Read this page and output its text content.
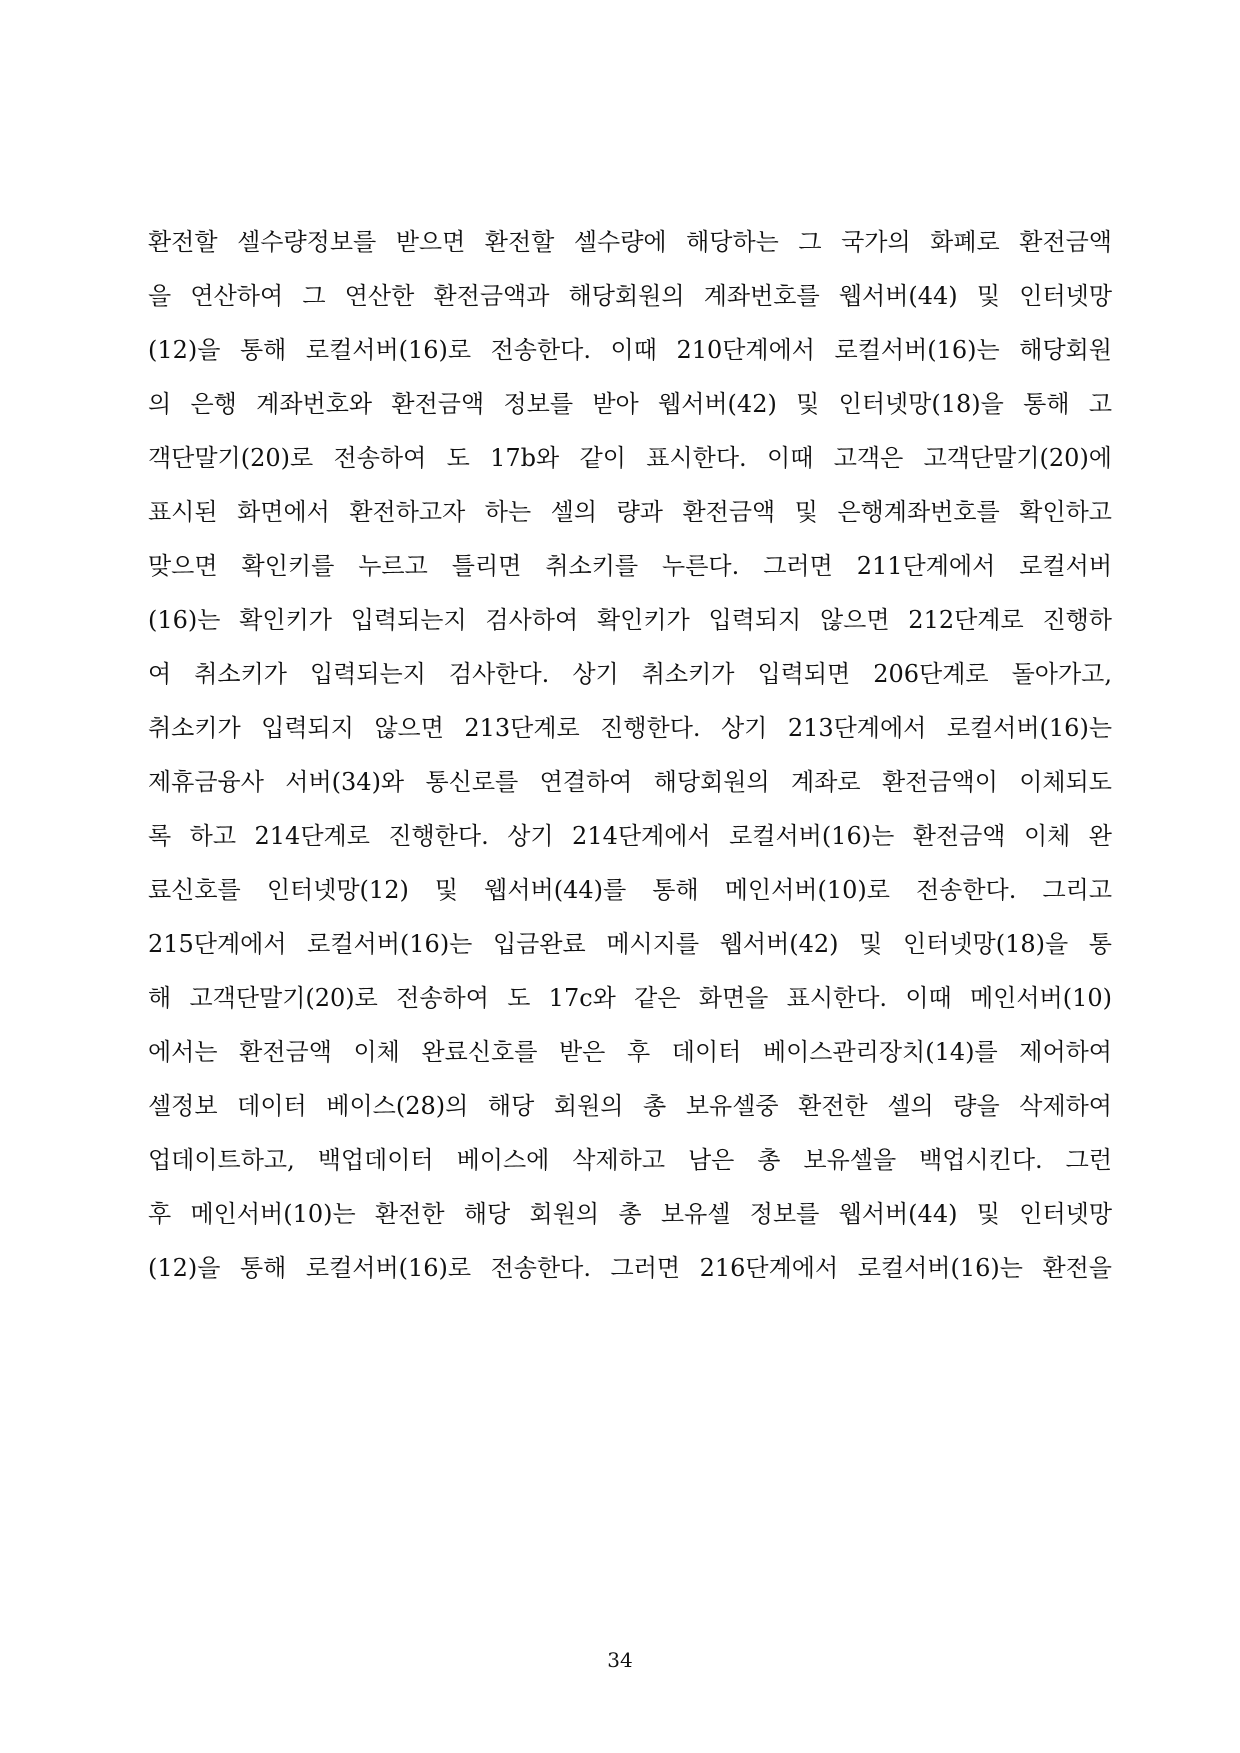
환전할 셀수량정보를 받으면 환전할 셀수량에 해당하는 그 국가의 화폐로 환전금액
을 연산하여 그 연산한 환전금액과 해당회원의 계좌번호를 웹서버(44) 및 인터넷망
(12)을 통해 로컬서버(16)로 전송한다. 이때 210단계에서 로컬서버(16)는 해당회원
의 은행 계좌번호와 환전금액 정보를 받아 웹서버(42) 및 인터넷망(18)을 통해 고
객단말기(20)로 전송하여 도 17b와 같이 표시한다. 이때 고객은 고객단말기(20)에
표시된 화면에서 환전하고자 하는 셀의 량과 환전금액 및 은행계좌번호를 확인하고
맞으면 확인키를 누르고 틀리면 취소키를 누른다. 그러면 211단계에서 로컬서버
(16)는 확인키가 입력되는지 검사하여 확인키가 입력되지 않으면 212단계로 진행하
여 취소키가 입력되는지 검사한다. 상기 취소키가 입력되면 206단계로 돌아가고,
취소키가 입력되지 않으면 213단계로 진행한다. 상기 213단계에서 로컬서버(16)는
제휴금융사 서버(34)와 통신로를 연결하여 해당회원의 계좌로 환전금액이 이체되도
록 하고 214단계로 진행한다. 상기 214단계에서 로컬서버(16)는 환전금액 이체 완
료신호를 인터넷망(12) 및 웹서버(44)를 통해 메인서버(10)로 전송한다. 그리고
215단계에서 로컬서버(16)는 입금완료 메시지를 웹서버(42) 및 인터넷망(18)을 통
해 고객단말기(20)로 전송하여 도 17c와 같은 화면을 표시한다. 이때 메인서버(10)
에서는 환전금액 이체 완료신호를 받은 후 데이터 베이스관리장치(14)를 제어하여
셀정보 데이터 베이스(28)의 해당 회원의 총 보유셀중 환전한 셀의 량을 삭제하여
업데이트하고, 백업데이터 베이스에 삭제하고 남은 총 보유셀을 백업시킨다. 그런
후 메인서버(10)는 환전한 해당 회원의 총 보유셀 정보를 웹서버(44) 및 인터넷망
(12)을 통해 로컬서버(16)로 전송한다. 그러면 216단계에서 로컬서버(16)는 환전을
34
